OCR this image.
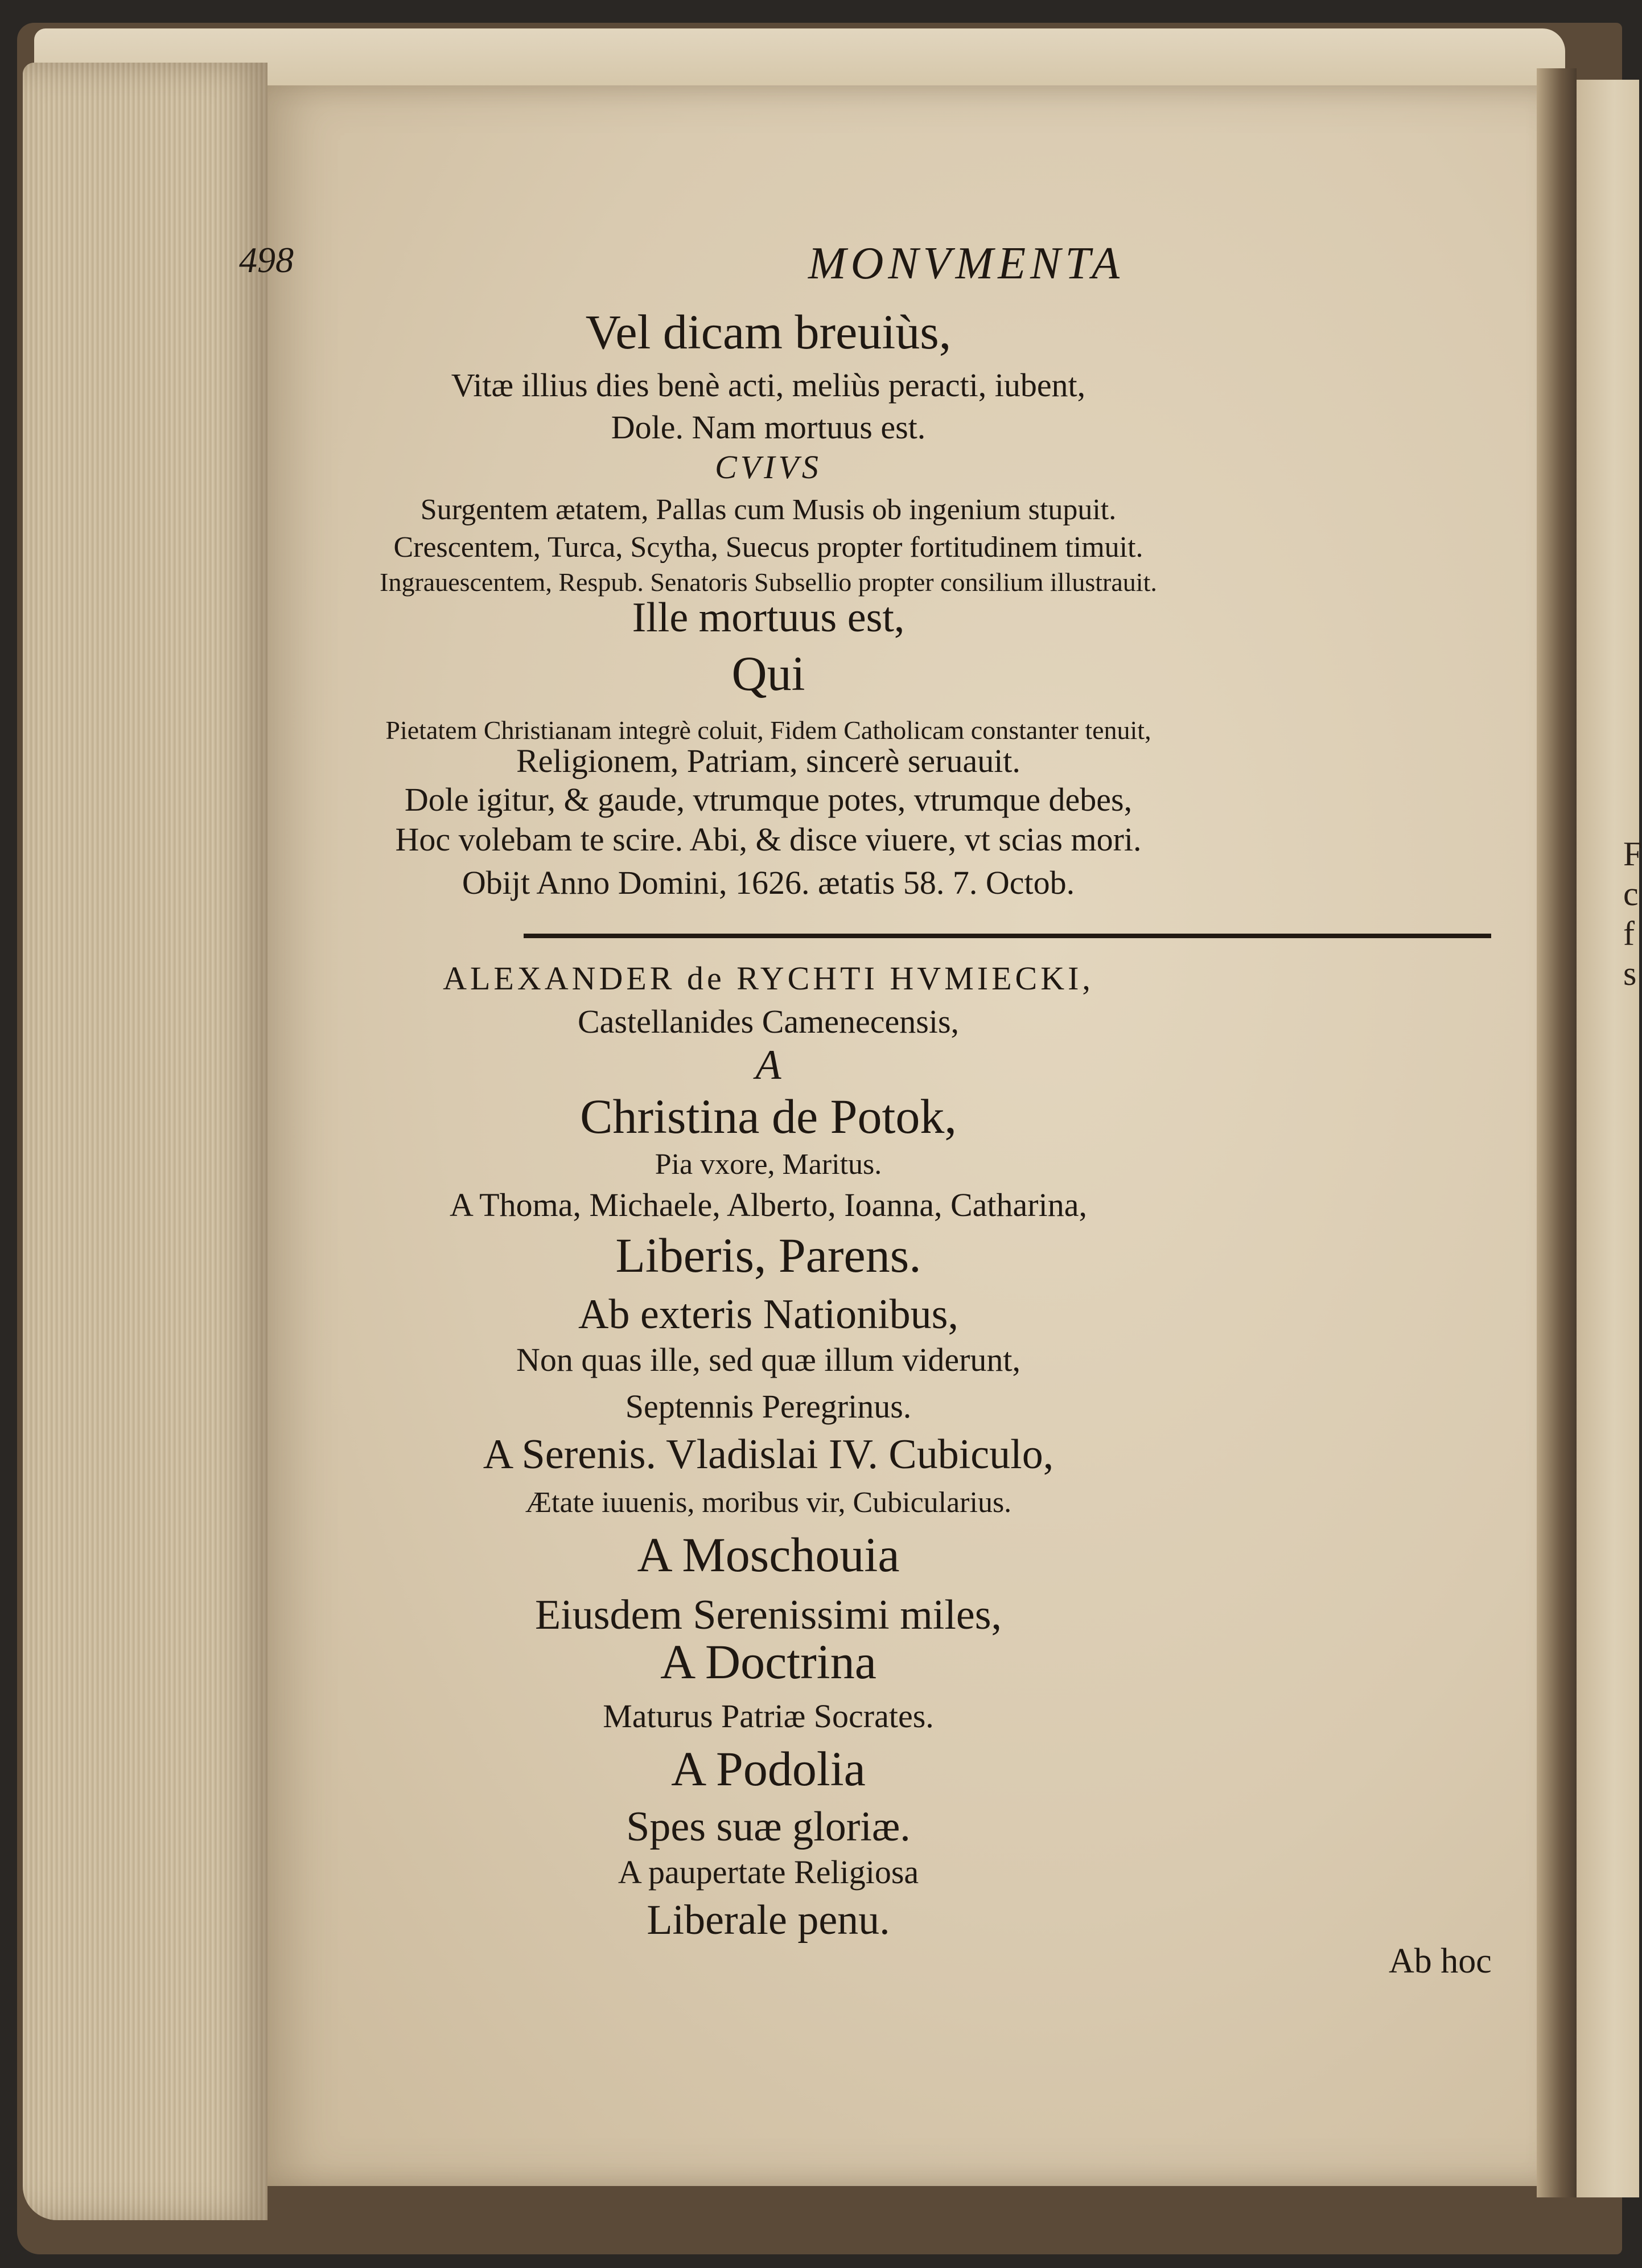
F
c
f
s
498	MONVMENTA
Vel dicam breuiùs,
Vitæ illius dies benè acti, meliùs peracti, iubent,
Dole. Nam mortuus est.
CVIVS
Surgentem ætatem, Pallas cum Musis ob ingenium stupuit.
Crescentem, Turca, Scytha, Suecus propter fortitudinem timuit.
Ingrauescentem, Respub. Senatoris Subsellio propter consilium illustrauit.
Ille mortuus est,
Qui
Pietatem Christianam integrè coluit, Fidem Catholicam constanter tenuit,
Religionem, Patriam, sincerè seruauit.
Dole igitur, & gaude, vtrumque potes, vtrumque debes,
Hoc volebam te scire. Abi, & disce viuere, vt scias mori.
Obijt Anno Domini, 1626. ætatis 58. 7. Octob.
ALEXANDER de RYCHTI HVMIECKI,
Castellanides Camenecensis,
A
Christina de Potok,
Pia vxore, Maritus.
A Thoma, Michaele, Alberto, Ioanna, Catharina,
Liberis, Parens.
Ab exteris Nationibus,
Non quas ille, sed quæ illum viderunt,
Septennis Peregrinus.
A Serenis. Vladislai IV. Cubiculo,
Ætate iuuenis, moribus vir, Cubicularius.
A Moschouia
Eiusdem Serenissimi miles,
A Doctrina
Maturus Patriæ Socrates.
A Podolia
Spes suæ gloriæ.
A paupertate Religiosa
Liberale penu.
Ab hoc
